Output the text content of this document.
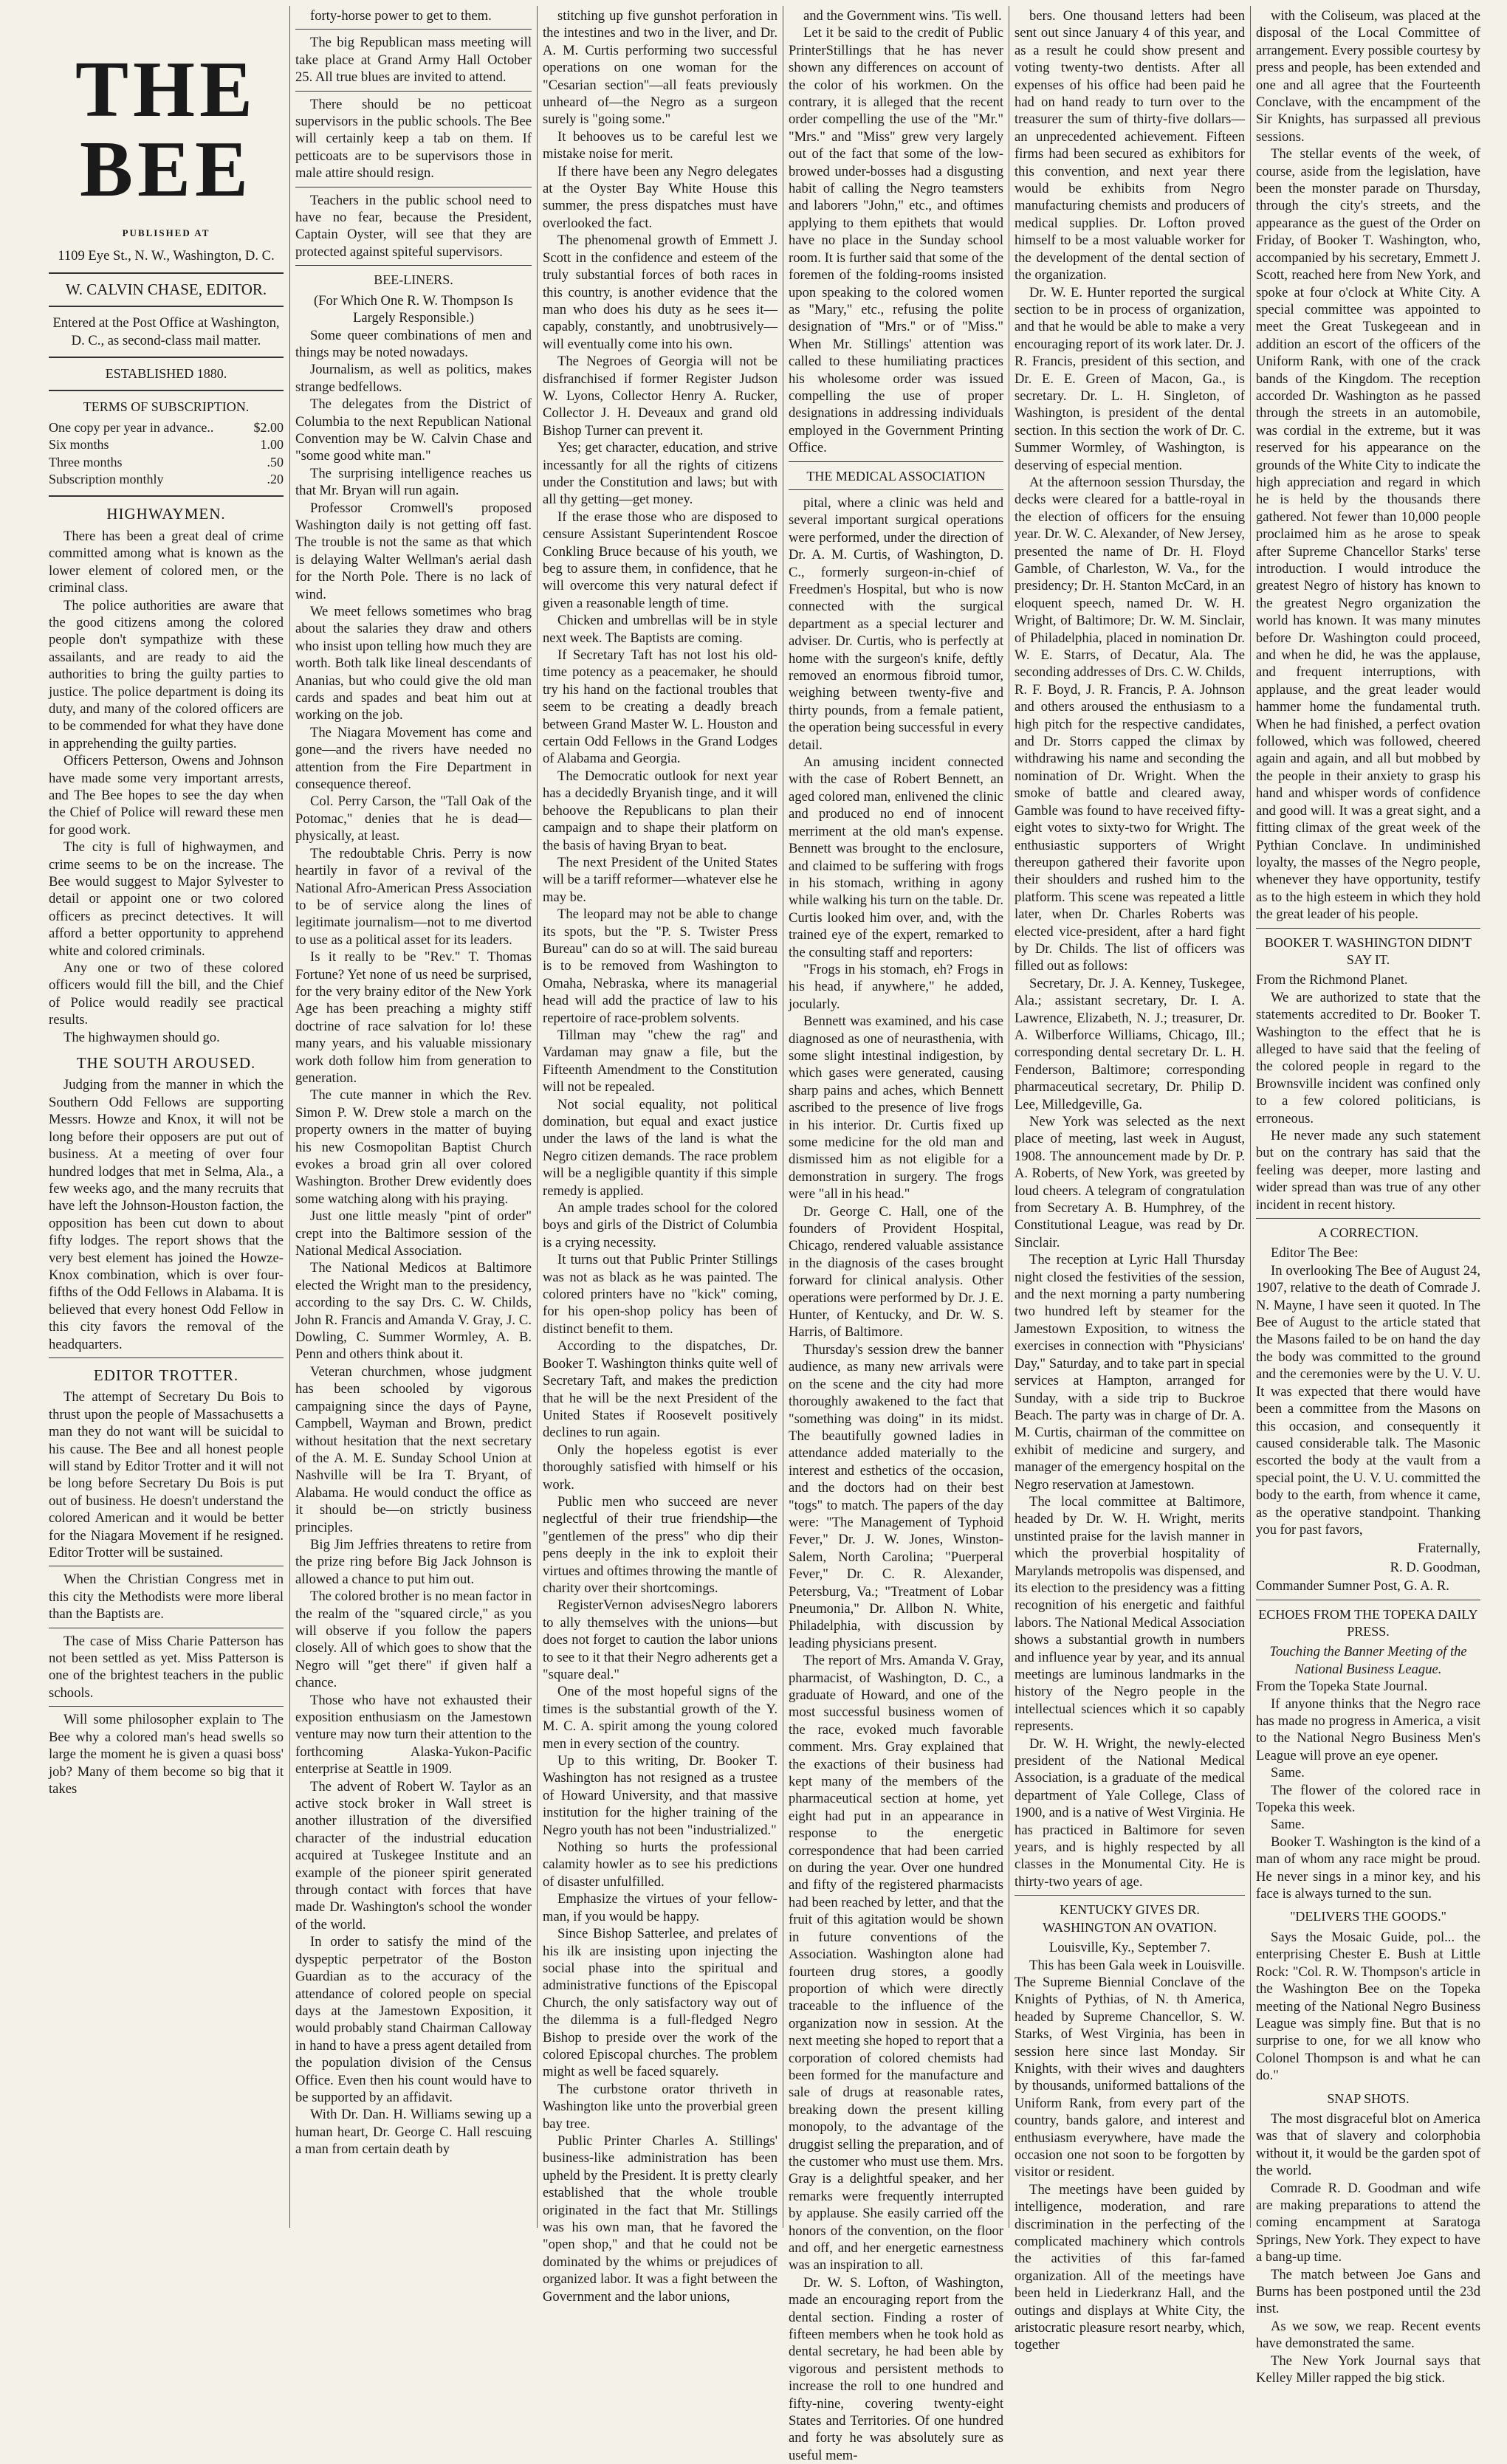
THE BEE
PUBLISHED AT
1109 Eye St., N. W., Washington, D. C.
W. CALVIN CHASE, EDITOR.
Entered at the Post Office at Washington, D. C., as second-class mail matter.
ESTABLISHED 1880.
TERMS OF SUBSCRIPTION.
One copy per year in advance..	$2.00
Six months	1.00
Three months	.50
Subscription monthly	.20
HIGHWAYMEN.

There has been a great deal of crime committed among what is known as the lower element of colored men, or the criminal class.

The police authorities are aware that the good citizens among the colored people don't sympathize with these assailants, and are ready to aid the authorities to bring the guilty parties to justice. The police department is doing its duty, and many of the colored officers are to be commended for what they have done in apprehending the guilty parties.

Officers Petterson, Owens and Johnson have made some very important arrests, and The Bee hopes to see the day when the Chief of Police will reward these men for good work.

The city is full of highwaymen, and crime seems to be on the increase. The Bee would suggest to Major Sylvester to detail or appoint one or two colored officers as precinct detectives. It will afford a better opportunity to apprehend white and colored criminals.

Any one or two of these colored officers would fill the bill, and the Chief of Police would readily see practical results.

The highwaymen should go.

THE SOUTH AROUSED.

Judging from the manner in which the Southern Odd Fellows are supporting Messrs. Howze and Knox, it will not be long before their opposers are put out of business. At a meeting of over four hundred lodges that met in Selma, Ala., a few weeks ago, and the many recruits that have left the Johnson-Houston faction, the opposition has been cut down to about fifty lodges. The report shows that the very best element has joined the Howze-Knox combination, which is over four-fifths of the Odd Fellows in Alabama. It is believed that every honest Odd Fellow in this city favors the removal of the headquarters.

EDITOR TROTTER.

The attempt of Secretary Du Bois to thrust upon the people of Massachusetts a man they do not want will be suicidal to his cause. The Bee and all honest people will stand by Editor Trotter and it will not be long before Secretary Du Bois is put out of business. He doesn't understand the colored American and it would be better for the Niagara Movement if he resigned. Editor Trotter will be sustained.

When the Christian Congress met in this city the Methodists were more liberal than the Baptists are.

The case of Miss Charie Patterson has not been settled as yet. Miss Patterson is one of the brightest teachers in the public schools.

Will some philosopher explain to The Bee why a colored man's head swells so large the moment he is given a quasi boss' job? Many of them become so big that it takes

forty-horse power to get to them.

The big Republican mass meeting will take place at Grand Army Hall October 25. All true blues are invited to attend.

There should be no petticoat supervisors in the public schools. The Bee will certainly keep a tab on them. If petticoats are to be supervisors those in male attire should resign.

Teachers in the public school need to have no fear, because the President, Captain Oyster, will see that they are protected against spiteful supervisors.

BEE-LINERS.
(For Which One R. W. Thompson Is Largely Responsible.)

Some queer combinations of men and things may be noted nowadays.

Journalism, as well as politics, makes strange bedfellows.

The delegates from the District of Columbia to the next Republican National Convention may be W. Calvin Chase and "some good white man."

The surprising intelligence reaches us that Mr. Bryan will run again.

Professor Cromwell's proposed Washington daily is not getting off fast. The trouble is not the same as that which is delaying Walter Wellman's aerial dash for the North Pole. There is no lack of wind.

We meet fellows sometimes who brag about the salaries they draw and others who insist upon telling how much they are worth. Both talk like lineal descendants of Ananias, but who could give the old man cards and spades and beat him out at working on the job.

The Niagara Movement has come and gone—and the rivers have needed no attention from the Fire Department in consequence thereof.

Col. Perry Carson, the "Tall Oak of the Potomac," denies that he is dead—physically, at least.

The redoubtable Chris. Perry is now heartily in favor of a revival of the National Afro-American Press Association to be of service along the lines of legitimate journalism—not to me divertod to use as a political asset for its leaders.

Is it really to be "Rev." T. Thomas Fortune? Yet none of us need be surprised, for the very brainy editor of the New York Age has been preaching a mighty stiff doctrine of race salvation for lo! these many years, and his valuable missionary work doth follow him from generation to generation.

The cute manner in which the Rev. Simon P. W. Drew stole a march on the property owners in the matter of buying his new Cosmopolitan Baptist Church evokes a broad grin all over colored Washington. Brother Drew evidently does some watching along with his praying.

Just one little measly "pint of order" crept into the Baltimore session of the National Medical Association.

The National Medicos at Baltimore elected the Wright man to the presidency, according to the say Drs. C. W. Childs, John R. Francis and Amanda V. Gray, J. C. Dowling, C. Summer Wormley, A. B. Penn and others think about it.

Veteran churchmen, whose judgment has been schooled by vigorous campaigning since the days of Payne, Campbell, Wayman and Brown, predict without hesitation that the next secretary of the A. M. E. Sunday School Union at Nashville will be Ira T. Bryant, of Alabama. He would conduct the office as it should be—on strictly business principles.

Big Jim Jeffries threatens to retire from the prize ring before Big Jack Johnson is allowed a chance to put him out.

The colored brother is no mean factor in the realm of the "squared circle," as you will observe if you follow the papers closely. All of which goes to show that the Negro will "get there" if given half a chance.

Those who have not exhausted their exposition enthusiasm on the Jamestown venture may now turn their attention to the forthcoming Alaska-Yukon-Pacific enterprise at Seattle in 1909.

The advent of Robert W. Taylor as an active stock broker in Wall street is another illustration of the diversified character of the industrial education acquired at Tuskegee Institute and an example of the pioneer spirit generated through contact with forces that have made Dr. Washington's school the wonder of the world.

In order to satisfy the mind of the dyspeptic perpetrator of the Boston Guardian as to the accuracy of the attendance of colored people on special days at the Jamestown Exposition, it would probably stand Chairman Calloway in hand to have a press agent detailed from the population division of the Census Office. Even then his count would have to be supported by an affidavit.

With Dr. Dan. H. Williams sewing up a human heart, Dr. George C. Hall rescuing a man from certain death by

stitching up five gunshot perforation in the intestines and two in the liver, and Dr. A. M. Curtis performing two successful operations on one woman for the "Cesarian section"—all feats previously unheard of—the Negro as a surgeon surely is "going some."

It behooves us to be careful lest we mistake noise for merit.

If there have been any Negro delegates at the Oyster Bay White House this summer, the press dispatches must have overlooked the fact.

The phenomenal growth of Emmett J. Scott in the confidence and esteem of the truly substantial forces of both races in this country, is another evidence that the man who does his duty as he sees it—capably, constantly, and unobtrusively—will eventually come into his own.

The Negroes of Georgia will not be disfranchised if former Register Judson W. Lyons, Collector Henry A. Rucker, Collector J. H. Deveaux and grand old Bishop Turner can prevent it.

Yes; get character, education, and strive incessantly for all the rights of citizens under the Constitution and laws; but with all thy getting—get money.

If the erase those who are disposed to censure Assistant Superintendent Roscoe Conkling Bruce because of his youth, we beg to assure them, in confidence, that he will overcome this very natural defect if given a reasonable length of time.

Chicken and umbrellas will be in style next week. The Baptists are coming.

If Secretary Taft has not lost his old-time potency as a peacemaker, he should try his hand on the factional troubles that seem to be creating a deadly breach between Grand Master W. L. Houston and certain Odd Fellows in the Grand Lodges of Alabama and Georgia.

The Democratic outlook for next year has a decidedly Bryanish tinge, and it will behoove the Republicans to plan their campaign and to shape their platform on the basis of having Bryan to beat.

The next President of the United States will be a tariff reformer—whatever else he may be.

The leopard may not be able to change its spots, but the "P. S. Twister Press Bureau" can do so at will. The said bureau is to be removed from Washington to Omaha, Nebraska, where its managerial head will add the practice of law to his repertoire of race-problem solvents.

Tillman may "chew the rag" and Vardaman may gnaw a file, but the Fifteenth Amendment to the Constitution will not be repealed.

Not social equality, not political domination, but equal and exact justice under the laws of the land is what the Negro citizen demands. The race problem will be a negligible quantity if this simple remedy is applied.

An ample trades school for the colored boys and girls of the District of Columbia is a crying necessity.

It turns out that Public Printer Stillings was not as black as he was painted. The colored printers have no "kick" coming, for his open-shop policy has been of distinct benefit to them.

According to the dispatches, Dr. Booker T. Washington thinks quite well of Secretary Taft, and makes the prediction that he will be the next President of the United States if Roosevelt positively declines to run again.

Only the hopeless egotist is ever thoroughly satisfied with himself or his work.

Public men who succeed are never neglectful of their true friendship—the "gentlemen of the press" who dip their pens deeply in the ink to exploit their virtues and oftimes throwing the mantle of charity over their shortcomings.

RegisterVernon advisesNegro laborers to ally themselves with the unions—but does not forget to caution the labor unions to see to it that their Negro adherents get a "square deal."

One of the most hopeful signs of the times is the substantial growth of the Y. M. C. A. spirit among the young colored men in every section of the country.

Up to this writing, Dr. Booker T. Washington has not resigned as a trustee of Howard University, and that massive institution for the higher training of the Negro youth has not been "industrialized."

Nothing so hurts the professional calamity howler as to see his predictions of disaster unfulfilled.

Emphasize the virtues of your fellow-man, if you would be happy.

Since Bishop Satterlee, and prelates of his ilk are insisting upon injecting the social phase into the spiritual and administrative functions of the Episcopal Church, the only satisfactory way out of the dilemma is a full-fledged Negro Bishop to preside over the work of the colored Episcopal churches. The problem might as well be faced squarely.

The curbstone orator thriveth in Washington like unto the proverbial green bay tree.

Public Printer Charles A. Stillings' business-like administration has been upheld by the President. It is pretty clearly established that the whole trouble originated in the fact that Mr. Stillings was his own man, that he favored the "open shop," and that he could not be dominated by the whims or prejudices of organized labor. It was a fight between the Government and the labor unions,

and the Government wins. 'Tis well.

Let it be said to the credit of Public PrinterStillings that he has never shown any differences on account of the color of his workmen. On the contrary, it is alleged that the recent order compelling the use of the "Mr." "Mrs." and "Miss" grew very largely out of the fact that some of the low-browed under-bosses had a disgusting habit of calling the Negro teamsters and laborers "John," etc., and oftimes applying to them epithets that would have no place in the Sunday school room. It is further said that some of the foremen of the folding-rooms insisted upon speaking to the colored women as "Mary," etc., refusing the polite designation of "Mrs." or of "Miss." When Mr. Stillings' attention was called to these humiliating practices his wholesome order was issued compelling the use of proper designations in addressing individuals employed in the Government Printing Office.

THE MEDICAL ASSOCIATION

pital, where a clinic was held and several important surgical operations were performed, under the direction of Dr. A. M. Curtis, of Washington, D. C., formerly surgeon-in-chief of Freedmen's Hospital, but who is now connected with the surgical department as a special lecturer and adviser. Dr. Curtis, who is perfectly at home with the surgeon's knife, deftly removed an enormous fibroid tumor, weighing between twenty-five and thirty pounds, from a female patient, the operation being successful in every detail.

An amusing incident connected with the case of Robert Bennett, an aged colored man, enlivened the clinic and produced no end of innocent merriment at the old man's expense. Bennett was brought to the enclosure, and claimed to be suffering with frogs in his stomach, writhing in agony while walking his turn on the table. Dr. Curtis looked him over, and, with the trained eye of the expert, remarked to the consulting staff and reporters:

"Frogs in his stomach, eh? Frogs in his head, if anywhere," he added, jocularly.

Bennett was examined, and his case diagnosed as one of neurasthenia, with some slight intestinal indigestion, by which gases were generated, causing sharp pains and aches, which Bennett ascribed to the presence of live frogs in his interior. Dr. Curtis fixed up some medicine for the old man and dismissed him as not eligible for a demonstration in surgery. The frogs were "all in his head."

Dr. George C. Hall, one of the founders of Provident Hospital, Chicago, rendered valuable assistance in the diagnosis of the cases brought forward for clinical analysis. Other operations were performed by Dr. J. E. Hunter, of Kentucky, and Dr. W. S. Harris, of Baltimore.

Thursday's session drew the banner audience, as many new arrivals were on the scene and the city had more thoroughly awakened to the fact that "something was doing" in its midst. The beautifully gowned ladies in attendance added materially to the interest and esthetics of the occasion, and the doctors had on their best "togs" to match. The papers of the day were: "The Management of Typhoid Fever," Dr. J. W. Jones, Winston-Salem, North Carolina; "Puerperal Fever," Dr. C. R. Alexander, Petersburg, Va.; "Treatment of Lobar Pneumonia," Dr. Allbon N. White, Philadelphia, with discussion by leading physicians present.

The report of Mrs. Amanda V. Gray, pharmacist, of Washington, D. C., a graduate of Howard, and one of the most successful business women of the race, evoked much favorable comment. Mrs. Gray explained that the exactions of their business had kept many of the members of the pharmaceutical section at home, yet eight had put in an appearance in response to the energetic correspondence that had been carried on during the year. Over one hundred and fifty of the registered pharmacists had been reached by letter, and that the fruit of this agitation would be shown in future conventions of the Association. Washington alone had fourteen drug stores, a goodly proportion of which were directly traceable to the influence of the organization now in session. At the next meeting she hoped to report that a corporation of colored chemists had been formed for the manufacture and sale of drugs at reasonable rates, breaking down the present killing monopoly, to the advantage of the druggist selling the preparation, and of the customer who must use them. Mrs. Gray is a delightful speaker, and her remarks were frequently interrupted by applause. She easily carried off the honors of the convention, on the floor and off, and her energetic earnestness was an inspiration to all.

Dr. W. S. Lofton, of Washington, made an encouraging report from the dental section. Finding a roster of fifteen members when he took hold as dental secretary, he had been able by vigorous and persistent methods to increase the roll to one hundred and fifty-nine, covering twenty-eight States and Territories. Of one hundred and forty he was absolutely sure as useful mem-

bers. One thousand letters had been sent out since January 4 of this year, and as a result he could show present and voting twenty-two dentists. After all expenses of his office had been paid he had on hand ready to turn over to the treasurer the sum of thirty-five dollars—an unprecedented achievement. Fifteen firms had been secured as exhibitors for this convention, and next year there would be exhibits from Negro manufacturing chemists and producers of medical supplies. Dr. Lofton proved himself to be a most valuable worker for the development of the dental section of the organization.

Dr. W. E. Hunter reported the surgical section to be in process of organization, and that he would be able to make a very encouraging report of its work later. Dr. J. R. Francis, president of this section, and Dr. E. E. Green of Macon, Ga., is secretary. Dr. L. H. Singleton, of Washington, is president of the dental section. In this section the work of Dr. C. Summer Wormley, of Washington, is deserving of especial mention.

At the afternoon session Thursday, the decks were cleared for a battle-royal in the election of officers for the ensuing year. Dr. W. C. Alexander, of New Jersey, presented the name of Dr. H. Floyd Gamble, of Charleston, W. Va., for the presidency; Dr. H. Stanton McCard, in an eloquent speech, named Dr. W. H. Wright, of Baltimore; Dr. W. M. Sinclair, of Philadelphia, placed in nomination Dr. W. E. Starrs, of Decatur, Ala. The seconding addresses of Drs. C. W. Childs, R. F. Boyd, J. R. Francis, P. A. Johnson and others aroused the enthusiasm to a high pitch for the respective candidates, and Dr. Storrs capped the climax by withdrawing his name and seconding the nomination of Dr. Wright. When the smoke of battle and cleared away, Gamble was found to have received fifty-eight votes to sixty-two for Wright. The enthusiastic supporters of Wright thereupon gathered their favorite upon their shoulders and rushed him to the platform. This scene was repeated a little later, when Dr. Charles Roberts was elected vice-president, after a hard fight by Dr. Childs. The list of officers was filled out as follows:

Secretary, Dr. J. A. Kenney, Tuskegee, Ala.; assistant secretary, Dr. I. A. Lawrence, Elizabeth, N. J.; treasurer, Dr. A. Wilberforce Williams, Chicago, Ill.; corresponding dental secretary Dr. L. H. Fenderson, Baltimore; corresponding pharmaceutical secretary, Dr. Philip D. Lee, Milledgeville, Ga.

New York was selected as the next place of meeting, last week in August, 1908. The announcement made by Dr. P. A. Roberts, of New York, was greeted by loud cheers. A telegram of congratulation from Secretary A. B. Humphrey, of the Constitutional League, was read by Dr. Sinclair.

The reception at Lyric Hall Thursday night closed the festivities of the session, and the next morning a party numbering two hundred left by steamer for the Jamestown Exposition, to witness the exercises in connection with "Physicians' Day," Saturday, and to take part in special services at Hampton, arranged for Sunday, with a side trip to Buckroe Beach. The party was in charge of Dr. A. M. Curtis, chairman of the committee on exhibit of medicine and surgery, and manager of the emergency hospital on the Negro reservation at Jamestown.

The local committee at Baltimore, headed by Dr. W. H. Wright, merits unstinted praise for the lavish manner in which the proverbial hospitality of Marylands metropolis was dispensed, and its election to the presidency was a fitting recognition of his energetic and faithful labors. The National Medical Association shows a substantial growth in numbers and influence year by year, and its annual meetings are luminous landmarks in the history of the Negro people in the intellectual sciences which it so capably represents.

Dr. W. H. Wright, the newly-elected president of the National Medical Association, is a graduate of the medical department of Yale College, Class of 1900, and is a native of West Virginia. He has practiced in Baltimore for seven years, and is highly respected by all classes in the Monumental City. He is thirty-two years of age.

KENTUCKY GIVES DR. WASHINGTON AN OVATION.
Louisville, Ky., September 7.

This has been Gala week in Louisville. The Supreme Biennial Conclave of the Knights of Pythias, of N. th America, headed by Supreme Chancellor, S. W. Starks, of West Virginia, has been in session here since last Monday. Sir Knights, with their wives and daughters by thousands, uniformed battalions of the Uniform Rank, from every part of the country, bands galore, and interest and enthusiasm everywhere, have made the occasion one not soon to be forgotten by visitor or resident.

The meetings have been guided by intelligence, moderation, and rare discrimination in the perfecting of the complicated machinery which controls the activities of this far-famed organization. All of the meetings have been held in Liederkranz Hall, and the outings and displays at White City, the aristocratic pleasure resort nearby, which, together

with the Coliseum, was placed at the disposal of the Local Committee of arrangement. Every possible courtesy by press and people, has been extended and one and all agree that the Fourteenth Conclave, with the encampment of the Sir Knights, has surpassed all previous sessions.

The stellar events of the week, of course, aside from the legislation, have been the monster parade on Thursday, through the city's streets, and the appearance as the guest of the Order on Friday, of Booker T. Washington, who, accompanied by his secretary, Emmett J. Scott, reached here from New York, and spoke at four o'clock at White City. A special committee was appointed to meet the Great Tuskegeean and in addition an escort of the officers of the Uniform Rank, with one of the crack bands of the Kingdom. The reception accorded Dr. Washington as he passed through the streets in an automobile, was cordial in the extreme, but it was reserved for his appearance on the grounds of the White City to indicate the high appreciation and regard in which he is held by the thousands there gathered. Not fewer than 10,000 people proclaimed him as he arose to speak after Supreme Chancellor Starks' terse introduction. I would introduce the greatest Negro of history has known to the greatest Negro organization the world has known. It was many minutes before Dr. Washington could proceed, and when he did, he was the applause, and frequent interruptions, with applause, and the great leader would hammer home the fundamental truth. When he had finished, a perfect ovation followed, which was followed, cheered again and again, and all but mobbed by the people in their anxiety to grasp his hand and whisper words of confidence and good will. It was a great sight, and a fitting climax of the great week of the Pythian Conclave. In undiminished loyalty, the masses of the Negro people, whenever they have opportunity, testify as to the high esteem in which they hold the great leader of his people.

BOOKER T. WASHINGTON DIDN'T SAY IT.
From the Richmond Planet.

We are authorized to state that the statements accredited to Dr. Booker T. Washington to the effect that he is alleged to have said that the feeling of the colored people in regard to the Brownsville incident was confined only to a few colored politicians, is erroneous.

He never made any such statement but on the contrary has said that the feeling was deeper, more lasting and wider spread than was true of any other incident in recent history.

A CORRECTION.

Editor The Bee:

In overlooking The Bee of August 24, 1907, relative to the death of Comrade J. N. Mayne, I have seen it quoted. In The Bee of August to the article stated that the Masons failed to be on hand the day the body was committed to the ground and the ceremonies were by the U. V. U. It was expected that there would have been a committee from the Masons on this occasion, and consequently it caused considerable talk. The Masonic escorted the body at the vault from a special point, the U. V. U. committed the body to the earth, from whence it came, as the operative standpoint. Thanking you for past favors,

Fraternally,
R. D. Goodman,
Commander Sumner Post, G. A. R.
ECHOES FROM THE TOPEKA DAILY PRESS.
Touching the Banner Meeting of the National Business League.
From the Topeka State Journal.

If anyone thinks that the Negro race has made no progress in America, a visit to the National Negro Business Men's League will prove an eye opener.

Same.

The flower of the colored race in Topeka this week.

Same.

Booker T. Washington is the kind of a man of whom any race might be proud. He never sings in a minor key, and his face is always turned to the sun.

"DELIVERS THE GOODS."

Says the Mosaic Guide, pol... the enterprising Chester E. Bush at Little Rock: "Col. R. W. Thompson's article in the Washington Bee on the Topeka meeting of the National Negro Business League was simply fine. But that is no surprise to one, for we all know who Colonel Thompson is and what he can do."

SNAP SHOTS.

The most disgraceful blot on America was that of slavery and colorphobia without it, it would be the garden spot of the world.

Comrade R. D. Goodman and wife are making preparations to attend the coming encampment at Saratoga Springs, New York. They expect to have a bang-up time.

The match between Joe Gans and Burns has been postponed until the 23d inst.

As we sow, we reap. Recent events have demonstrated the same.

The New York Journal says that Kelley Miller rapped the big stick.
